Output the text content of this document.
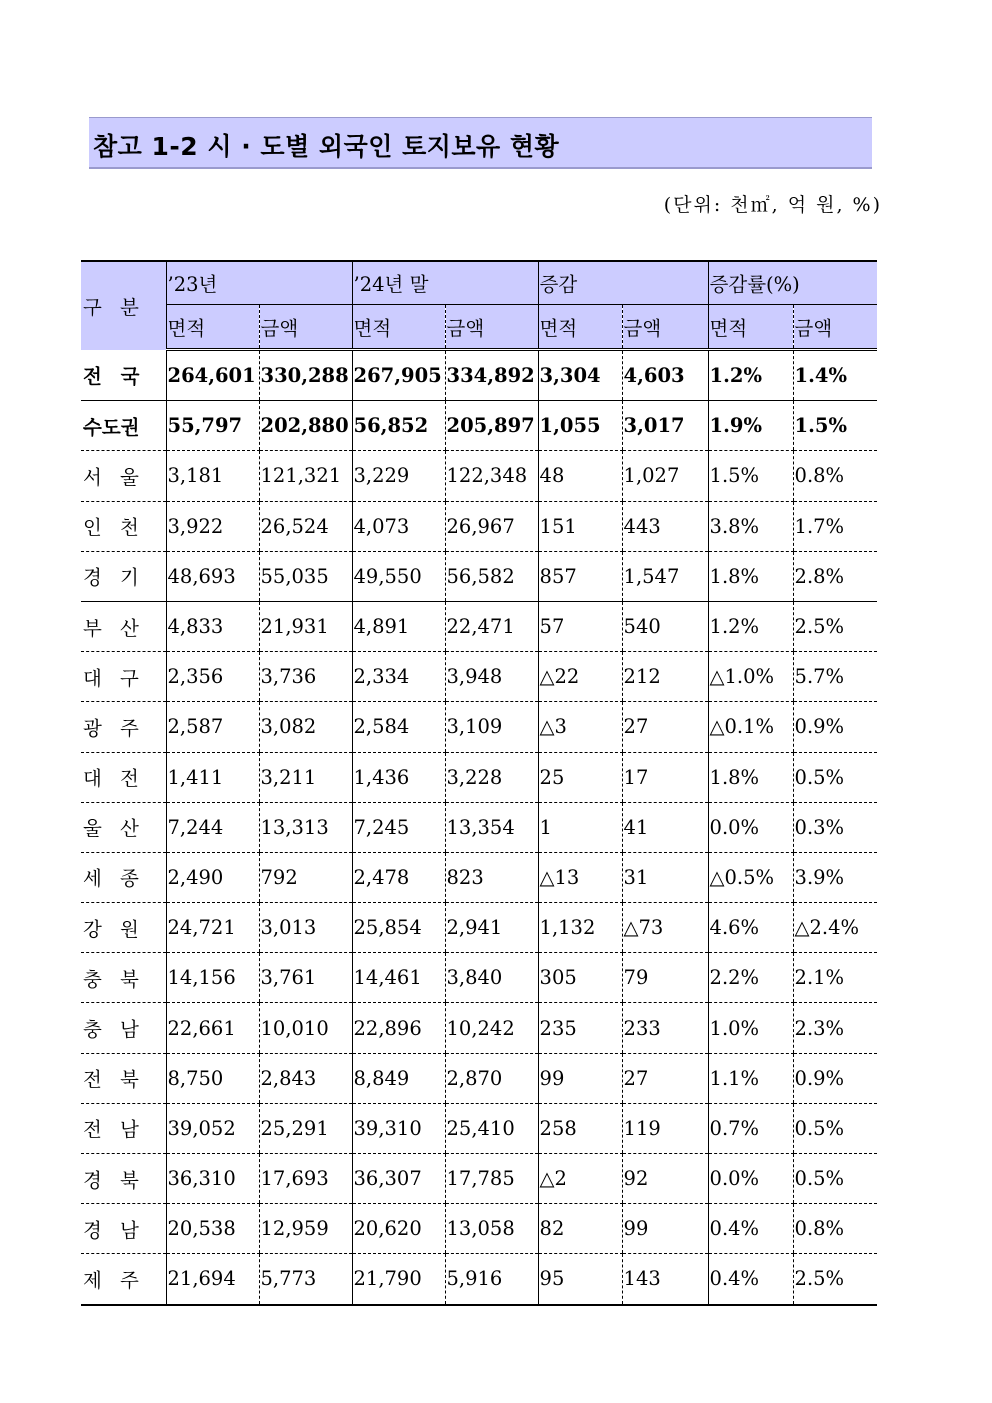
참고 1-2 시 · 도별 외국인 토지보유 현황
(단위: 천㎡, 억 원, %)
구 분	’23년		’24년 말		증감		증감률(%)	
	면적	금액	면적	금액	면적	금액	면적	금액
전 국	264,601	330,288	267,905	334,892	3,304	4,603	1.2%	1.4%
수도권	55,797	202,880	56,852	205,897	1,055	3,017	1.9%	1.5%
서 울	3,181	121,321	3,229	122,348	48	1,027	1.5%	0.8%
인 천	3,922	26,524	4,073	26,967	151	443	3.8%	1.7%
경 기	48,693	55,035	49,550	56,582	857	1,547	1.8%	2.8%
부 산	4,833	21,931	4,891	22,471	57	540	1.2%	2.5%
대 구	2,356	3,736	2,334	3,948	△22	212	△1.0%	5.7%
광 주	2,587	3,082	2,584	3,109	△3	27	△0.1%	0.9%
대 전	1,411	3,211	1,436	3,228	25	17	1.8%	0.5%
울 산	7,244	13,313	7,245	13,354	1	41	0.0%	0.3%
세 종	2,490	792	2,478	823	△13	31	△0.5%	3.9%
강 원	24,721	3,013	25,854	2,941	1,132	△73	4.6%	△2.4%
충 북	14,156	3,761	14,461	3,840	305	79	2.2%	2.1%
충 남	22,661	10,010	22,896	10,242	235	233	1.0%	2.3%
전 북	8,750	2,843	8,849	2,870	99	27	1.1%	0.9%
전 남	39,052	25,291	39,310	25,410	258	119	0.7%	0.5%
경 북	36,310	17,693	36,307	17,785	△2	92	0.0%	0.5%
경 남	20,538	12,959	20,620	13,058	82	99	0.4%	0.8%
제 주	21,694	5,773	21,790	5,916	95	143	0.4%	2.5%
